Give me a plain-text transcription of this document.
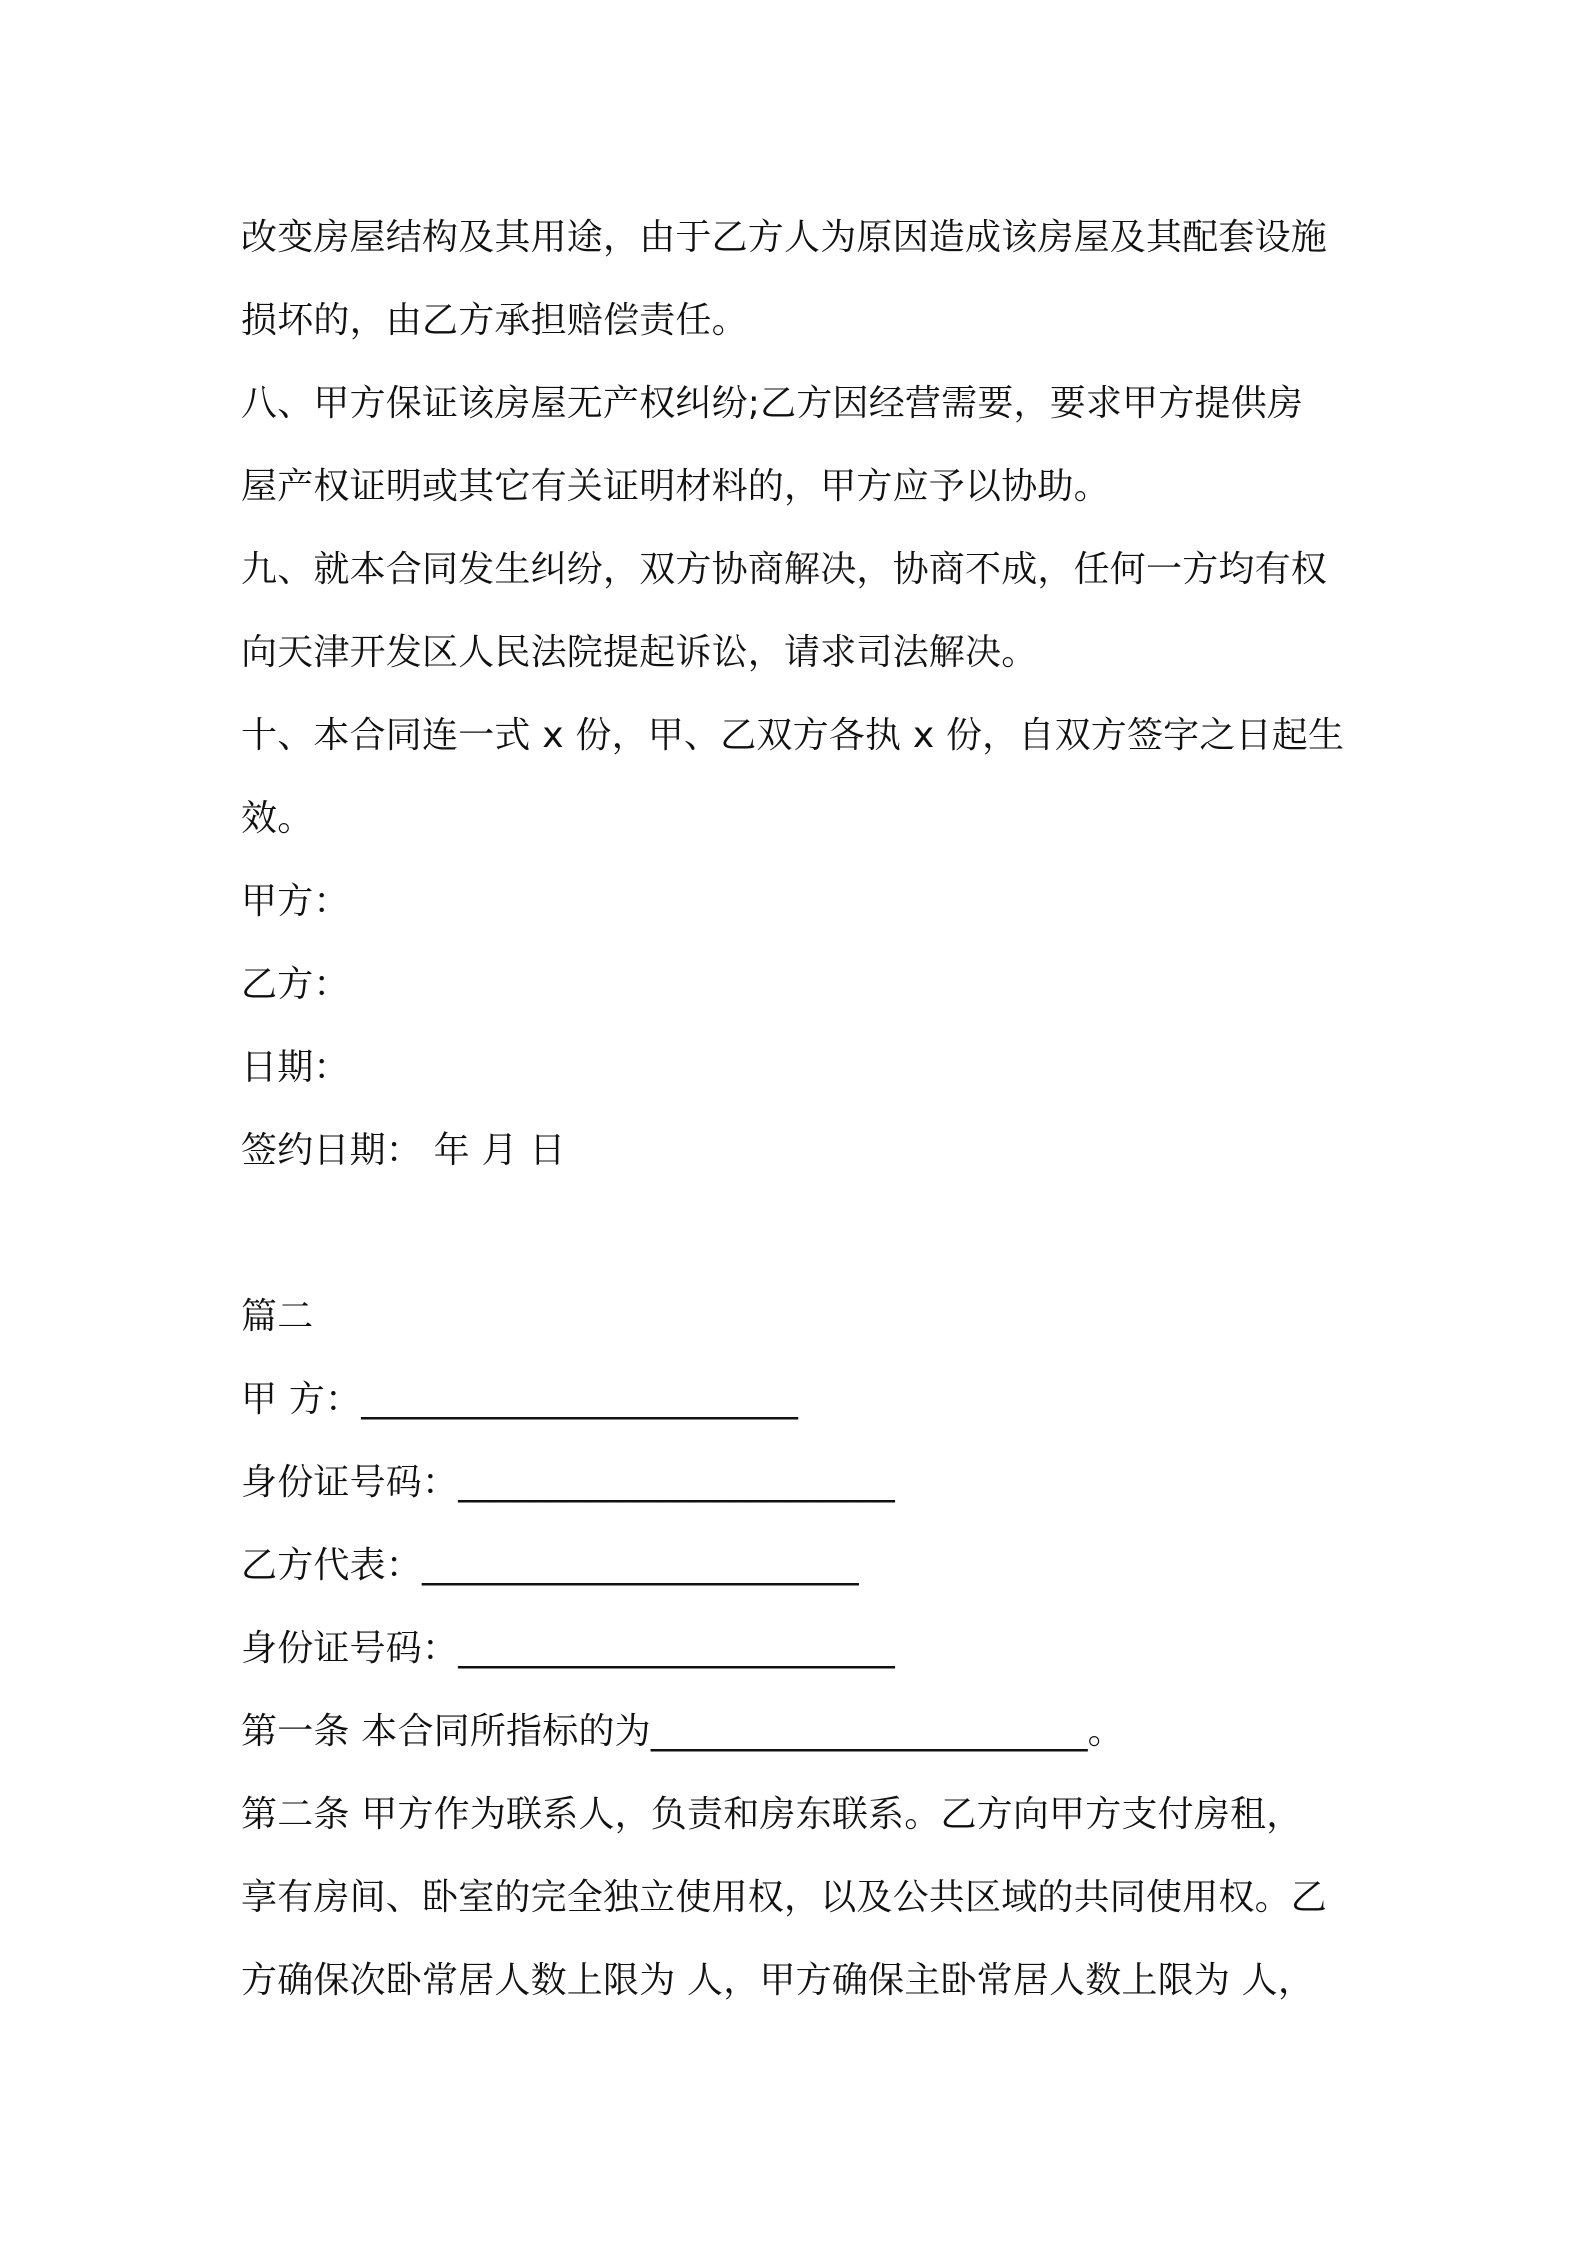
改变房屋结构及其用途，由于乙方人为原因造成该房屋及其配套设施
损坏的，由乙方承担赔偿责任。
八、甲方保证该房屋无产权纠纷;乙方因经营需要，要求甲方提供房
屋产权证明或其它有关证明材料的，甲方应予以协助。
九、就本合同发生纠纷，双方协商解决，协商不成，任何一方均有权
向天津开发区人民法院提起诉讼，请求司法解决。
十、本合同连一式 x 份，甲、乙双方各执 x 份，自双方签字之日起生
效。
甲方：
乙方：
日期：
签约日期： 年 月 日
篇二
甲 方：________________________
身份证号码：________________________
乙方代表：________________________
身份证号码：________________________
第一条 本合同所指标的为________________________。
第二条 甲方作为联系人，负责和房东联系。乙方向甲方支付房租，
享有房间、卧室的完全独立使用权，以及公共区域的共同使用权。乙
方确保次卧常居人数上限为 人，甲方确保主卧常居人数上限为 人，
